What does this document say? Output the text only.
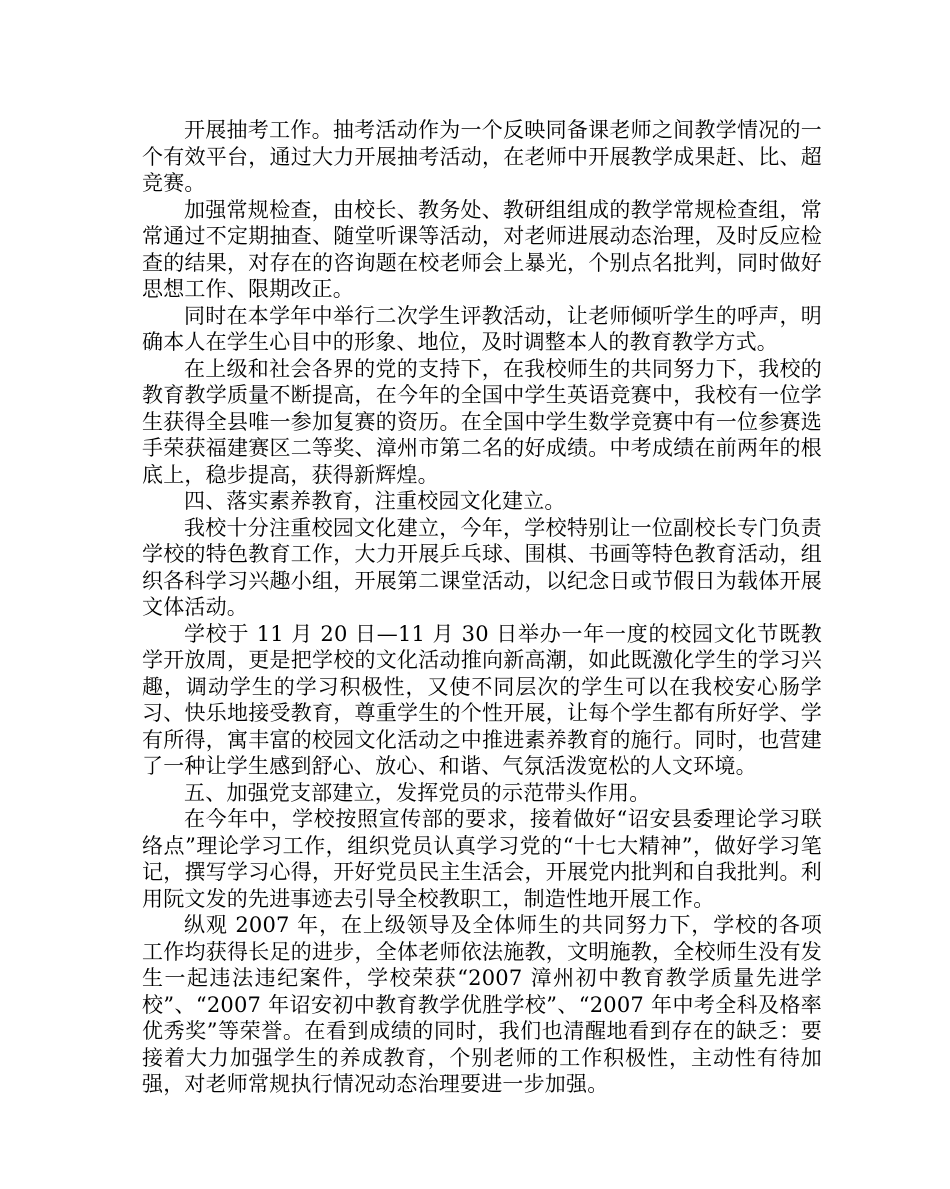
开展抽考工作。抽考活动作为一个反映同备课老师之间教学情况的一个有效平台，通过大力开展抽考活动，在老师中开展教学成果赶、比、超竞赛。

加强常规检查，由校长、教务处、教研组组成的教学常规检查组，常常通过不定期抽查、随堂听课等活动，对老师进展动态治理，及时反应检查的结果，对存在的咨询题在校老师会上暴光，个别点名批判，同时做好思想工作、限期改正。

同时在本学年中举行二次学生评教活动，让老师倾听学生的呼声，明确本人在学生心目中的形象、地位，及时调整本人的教育教学方式。

在上级和社会各界的党的支持下，在我校师生的共同努力下，我校的教育教学质量不断提高，在今年的全国中学生英语竞赛中，我校有一位学生获得全县唯一参加复赛的资历。在全国中学生数学竞赛中有一位参赛选手荣获福建赛区二等奖、漳州市第二名的好成绩。中考成绩在前两年的根底上，稳步提高，获得新辉煌。

四、落实素养教育，注重校园文化建立。

我校十分注重校园文化建立，今年，学校特别让一位副校长专门负责学校的特色教育工作，大力开展乒乓球、围棋、书画等特色教育活动，组织各科学习兴趣小组，开展第二课堂活动，以纪念日或节假日为载体开展文体活动。

学校于 11 月 20 日—11 月 30 日举办一年一度的校园文化节既教学开放周，更是把学校的文化活动推向新高潮，如此既激化学生的学习兴趣，调动学生的学习积极性，又使不同层次的学生可以在我校安心肠学习、快乐地接受教育，尊重学生的个性开展，让每个学生都有所好学、学有所得，寓丰富的校园文化活动之中推进素养教育的施行。同时，也营建了一种让学生感到舒心、放心、和谐、气氛活泼宽松的人文环境。

五、加强党支部建立，发挥党员的示范带头作用。

在今年中，学校按照宣传部的要求，接着做好“诏安县委理论学习联络点”理论学习工作，组织党员认真学习党的“十七大精神”，做好学习笔记，撰写学习心得，开好党员民主生活会，开展党内批判和自我批判。利用阮文发的先进事迹去引导全校教职工，制造性地开展工作。

纵观 2007 年，在上级领导及全体师生的共同努力下，学校的各项工作均获得长足的进步，全体老师依法施教，文明施教，全校师生没有发生一起违法违纪案件，学校荣获“2007 漳州初中教育教学质量先进学校”、“2007 年诏安初中教育教学优胜学校”、“2007 年中考全科及格率优秀奖”等荣誉。在看到成绩的同时，我们也清醒地看到存在的缺乏：要接着大力加强学生的养成教育，个别老师的工作积极性，主动性有待加强，对老师常规执行情况动态治理要进一步加强。
